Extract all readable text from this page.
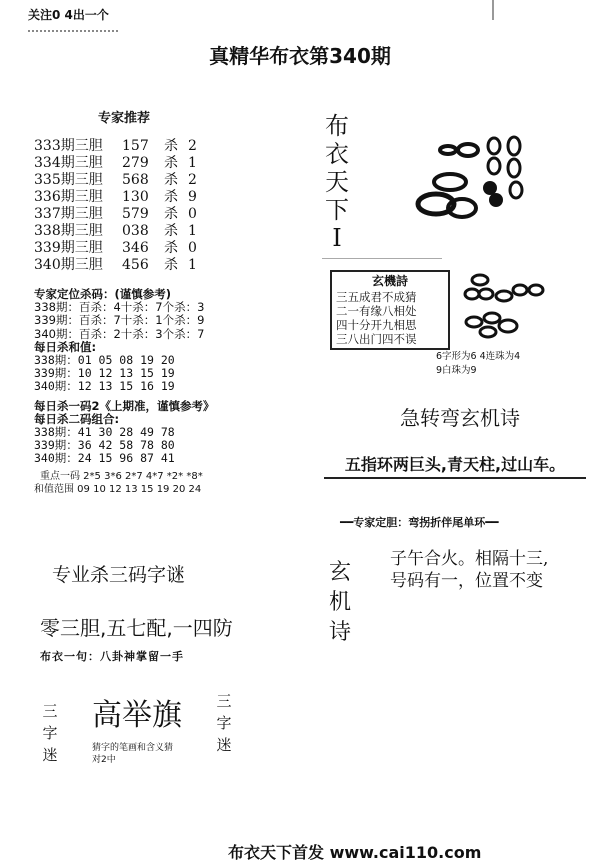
关注0 4出一个
真精华布衣第340期
专家推荐
333期三胆 157 杀 2
334期三胆 279 杀 1
335期三胆 568 杀 2
336期三胆 130 杀 9
337期三胆 579 杀 0
338期三胆 038 杀 1
339期三胆 346 杀 0
340期三胆 456 杀 1
专家定位杀码：(谨慎参考)
338期：百杀：4十杀：7个杀：3
339期：百杀：7十杀：1个杀：9
340期：百杀：2十杀：3个杀：7
每日杀和值:
338期：01 05 08 19 20
339期：10 12 13 15 19
340期：12 13 15 16 19
每日杀一码2《上期准，谨慎参考》
每日杀二码组合:
338期：41 30 28 49 78
339期：36 42 58 78 80
340期：24 15 96 87 41
重点一码 2*5 3*6 2*7 4*7 *2* *8*
和值范围 09 10 12 13 15 19 20 24
专业杀三码字谜
零三胆,五七配,一四防
布衣一句：八卦神掌留一手
三字迷
高举旗 三字迷
猜字的笔画和含义猜
对2中
布
衣
天
下
I
玄機詩
三五成君不成猜
二一有缘八相处
四十分开九相思
三八出门四不误
6字形为6 4连珠为4
9白珠为9
急转弯玄机诗
五指环两巨头,青天柱,过山车。
━━专家定胆：弯拐折伴尾单环━━
玄
机
诗
子午合火。相隔十三,
号码有一，位置不变
布衣天下首发 www.cai110.com
